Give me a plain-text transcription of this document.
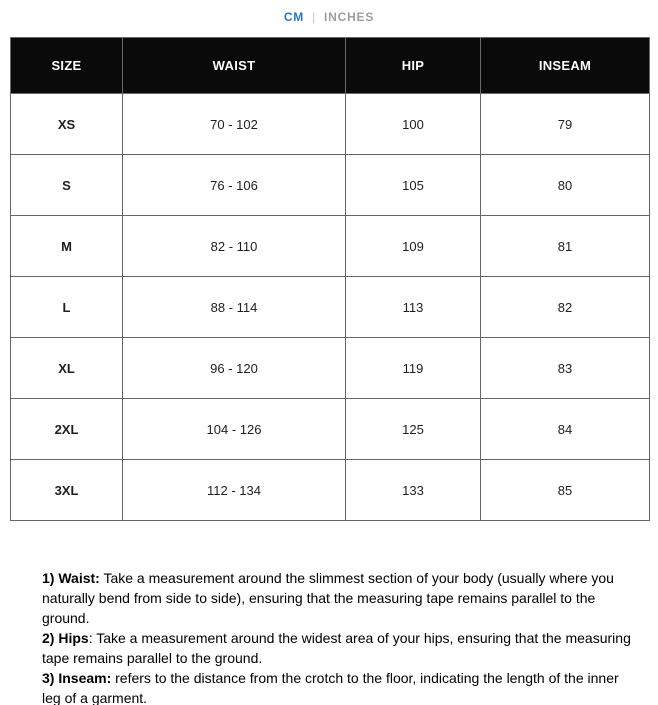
CM | INCHES
SIZE	WAIST	HIP	INSEAM
XS	70 - 102	100	79
S	76 - 106	105	80
M	82 - 110	109	81
L	88 - 114	113	82
XL	96 - 120	119	83
2XL	104 - 126	125	84
3XL	112 - 134	133	85

1) Waist: Take a measurement around the slimmest section of your body (usually where you naturally bend from side to side), ensuring that the measuring tape remains parallel to the ground.

2) Hips: Take a measurement around the widest area of your hips, ensuring that the measuring tape remains parallel to the ground.

3) Inseam: refers to the distance from the crotch to the floor, indicating the length of the inner leg of a garment.
